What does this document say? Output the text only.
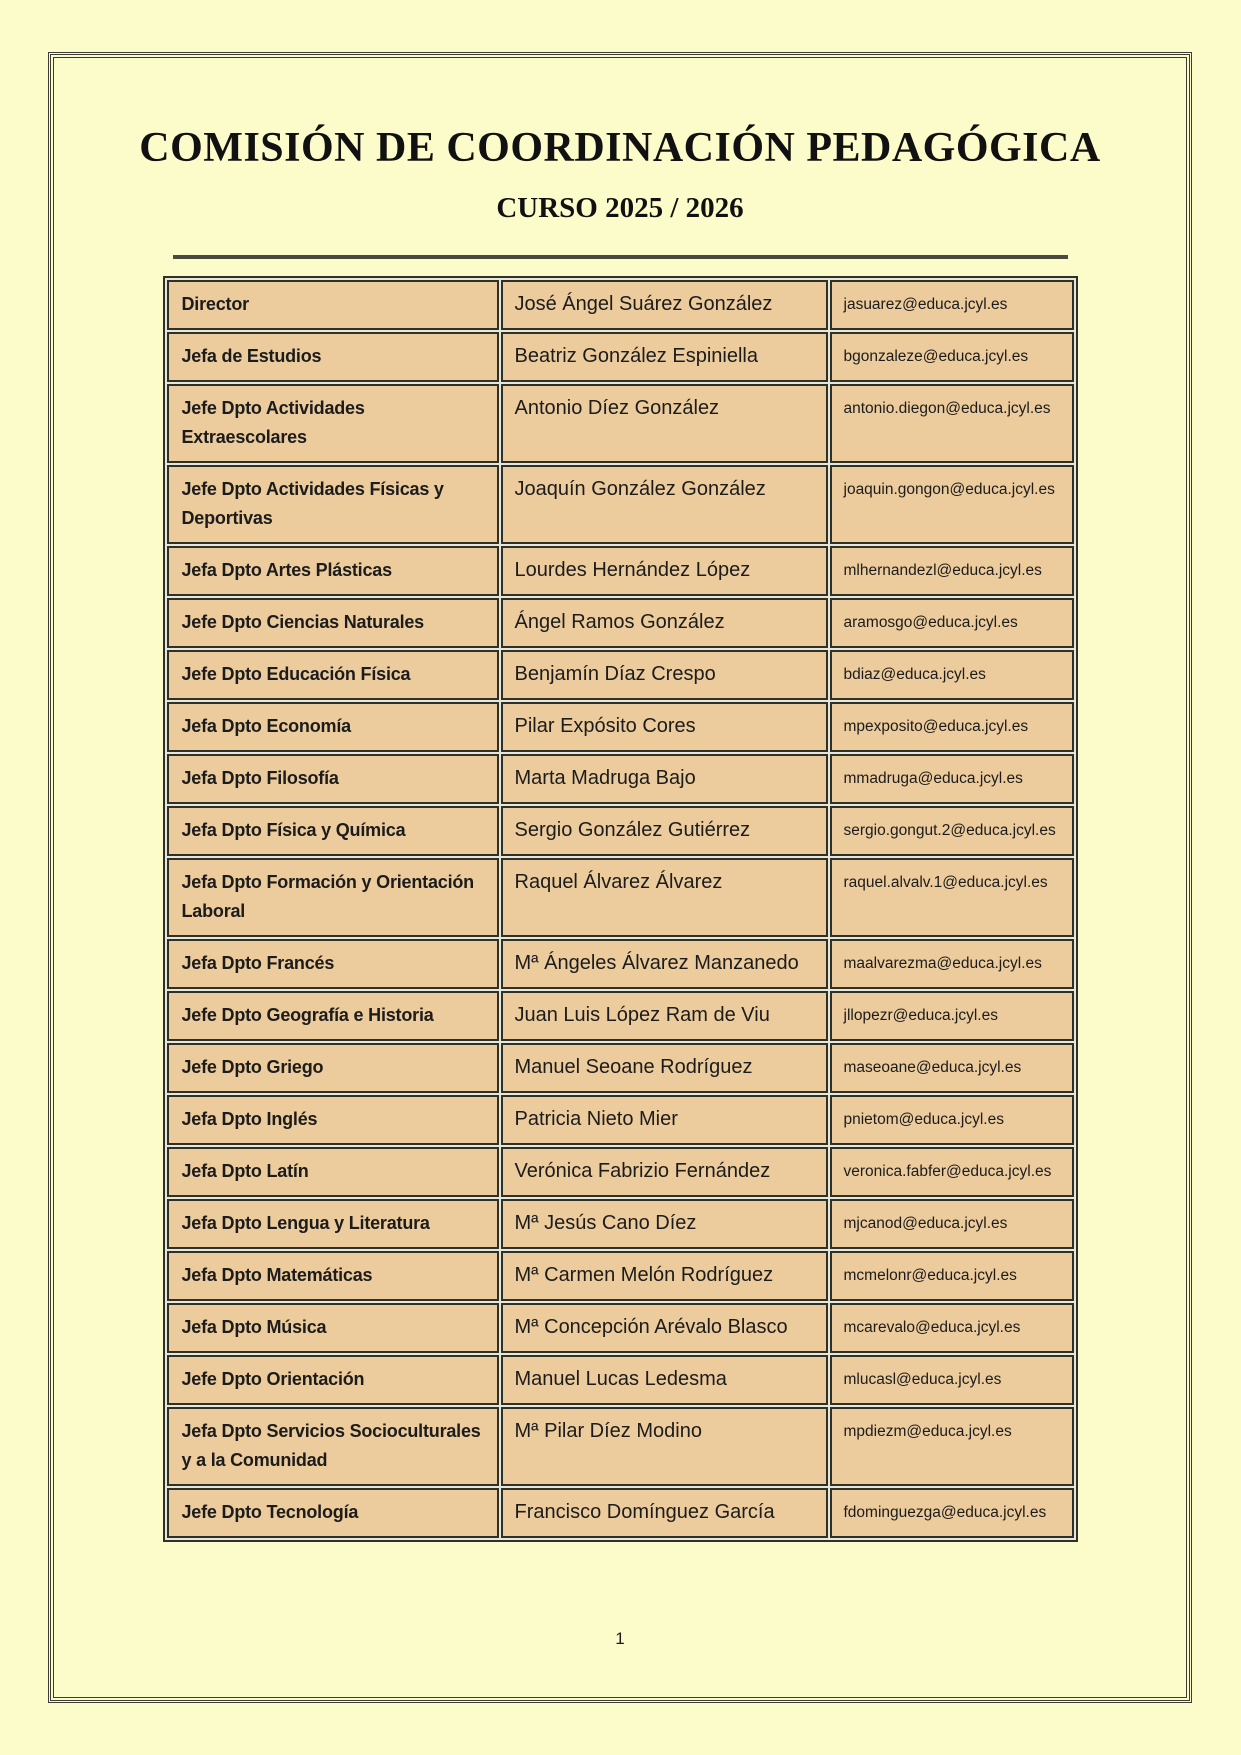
COMISIÓN DE COORDINACIÓN PEDAGÓGICA
CURSO 2025 / 2026
Director	José Ángel Suárez González	jasuarez@educa.jcyl.es
Jefa de Estudios	Beatriz González Espiniella	bgonzaleze@educa.jcyl.es
Jefe Dpto Actividades Extraescolares	Antonio Díez González	antonio.diegon@educa.jcyl.es
Jefe Dpto Actividades Físicas y Deportivas	Joaquín González González	joaquin.gongon@educa.jcyl.es
Jefa Dpto Artes Plásticas	Lourdes Hernández López	mlhernandezl@educa.jcyl.es
Jefe Dpto Ciencias Naturales	Ángel Ramos González	aramosgo@educa.jcyl.es
Jefe Dpto Educación Física	Benjamín Díaz Crespo	bdiaz@educa.jcyl.es
Jefa Dpto Economía	Pilar Expósito Cores	mpexposito@educa.jcyl.es
Jefa Dpto Filosofía	Marta Madruga Bajo	mmadruga@educa.jcyl.es
Jefa Dpto Física y Química	Sergio González Gutiérrez	sergio.gongut.2@educa.jcyl.es
Jefa Dpto Formación y Orientación Laboral	Raquel Álvarez Álvarez	raquel.alvalv.1@educa.jcyl.es
Jefa Dpto Francés	Mª Ángeles Álvarez Manzanedo	maalvarezma@educa.jcyl.es
Jefe Dpto Geografía e Historia	Juan Luis López Ram de Viu	jllopezr@educa.jcyl.es
Jefe Dpto Griego	Manuel Seoane Rodríguez	maseoane@educa.jcyl.es
Jefa Dpto Inglés	Patricia Nieto Mier	pnietom@educa.jcyl.es
Jefa Dpto Latín	Verónica Fabrizio Fernández	veronica.fabfer@educa.jcyl.es
Jefa Dpto Lengua y Literatura	Mª Jesús Cano Díez	mjcanod@educa.jcyl.es
Jefa Dpto Matemáticas	Mª Carmen Melón Rodríguez	mcmelonr@educa.jcyl.es
Jefa Dpto Música	Mª Concepción Arévalo Blasco	mcarevalo@educa.jcyl.es
Jefe Dpto Orientación	Manuel Lucas Ledesma	mlucasl@educa.jcyl.es
Jefa Dpto Servicios Socioculturales y a la Comunidad	Mª Pilar Díez Modino	mpdiezm@educa.jcyl.es
Jefe Dpto Tecnología	Francisco Domínguez García	fdominguezga@educa.jcyl.es
1
